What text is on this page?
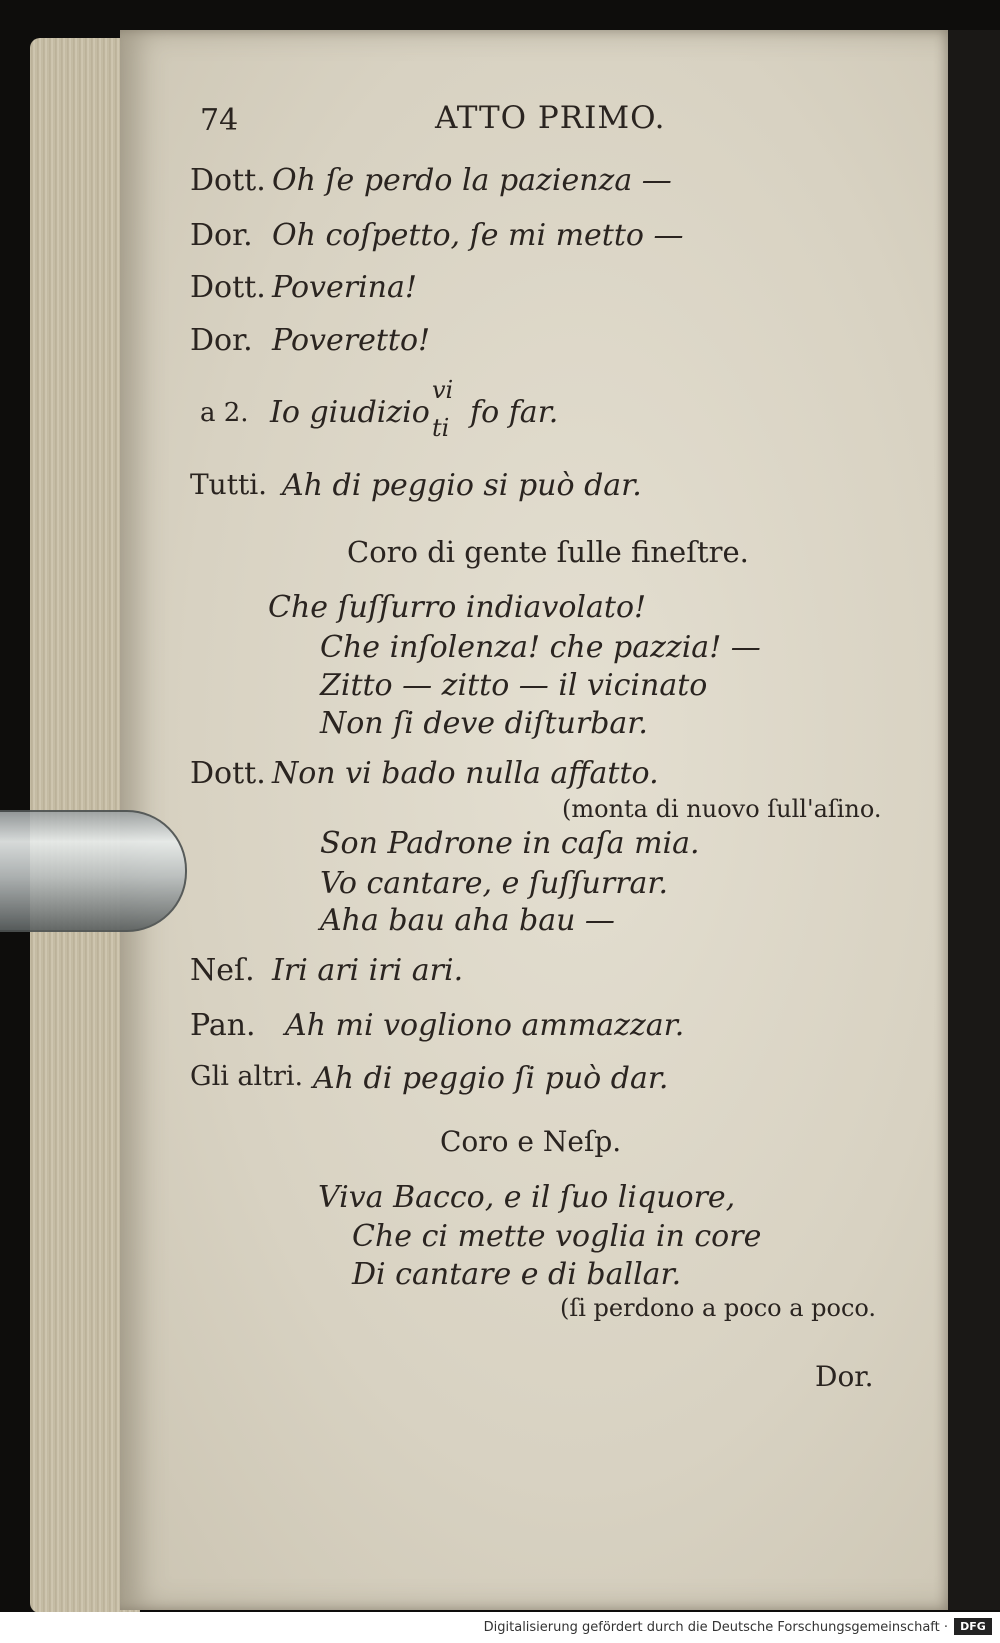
74	ATTO PRIMO.
Dott. Oh ſe perdo la pazienza —
Dor. Oh coſpetto, ſe mi metto —
Dott. Poverina!
Dor. Poveretto!
a 2. Io giudizio
vi
ti fo far.
Tutti. Ah di peggio si può dar.
Coro di gente ſulle fineſtre.
Che ſuſſurro indiavolato!
Che inſolenza! che pazzia! —
Zitto — zitto — il vicinato
Non ſi deve diſturbar.
Dott. Non vi bado nulla affatto.
(monta di nuovo ſull'aſino.
Son Padrone in caſa mia.
Vo cantare, e ſuſſurrar.
Aha bau aha bau —
Neſ. Iri ari iri ari.
Pan. Ah mi vogliono ammazzar.
Gli altri. Ah di peggio ſi può dar.
Coro e Neſp.
Viva Bacco, e il ſuo liquore,
Che ci mette voglia in core
Di cantare e di ballar.
(ſi perdono a poco a poco.
Dor.
Digitalisierung gefördert durch die Deutsche Forschungsgemeinschaft ·	DFG
